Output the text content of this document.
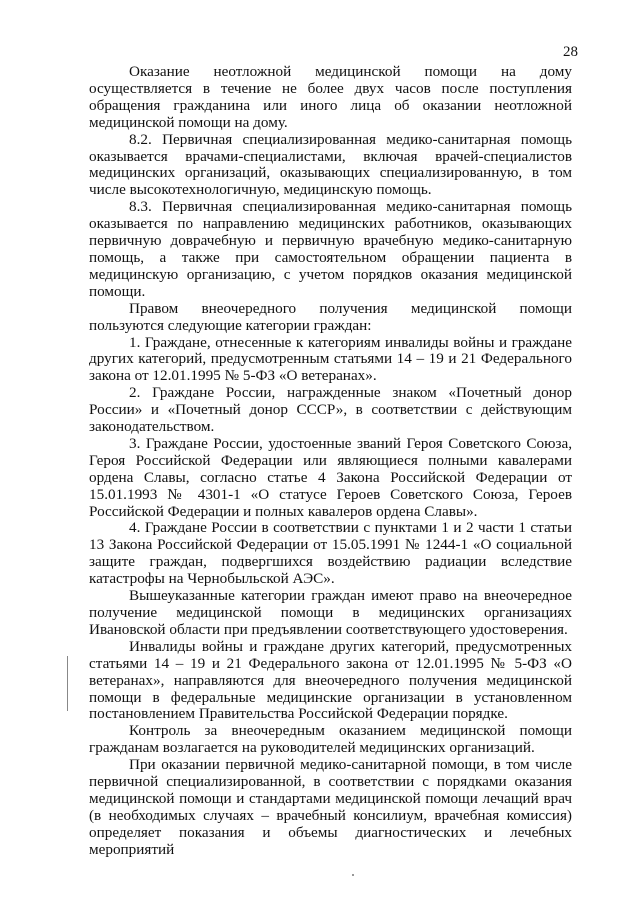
28

Оказание неотложной медицинской помощи на дому осуществляется в течение не более двух часов после поступления обращения гражданина или иного лица об оказании неотложной медицинской помощи на дому.

8.2. Первичная специализированная медико-санитарная помощь оказывается врачами-специалистами, включая врачей-специалистов медицинских организаций, оказывающих специализированную, в том числе высокотехнологичную, медицинскую помощь.

8.3. Первичная специализированная медико-санитарная помощь оказывается по направлению медицинских работников, оказывающих первичную доврачебную и первичную врачебную медико-санитарную помощь, а также при самостоятельном обращении пациента в медицинскую организацию, с учетом порядков оказания медицинской помощи.

Правом внеочередного получения медицинской помощи пользуются следующие категории граждан:

1. Граждане, отнесенные к категориям инвалиды войны и граждане других категорий, предусмотренным статьями 14 – 19 и 21 Федерального закона от 12.01.1995 № 5-ФЗ «О ветеранах».

2. Граждане России, награжденные знаком «Почетный донор России» и «Почетный донор СССР», в соответствии с действующим законодательством.

3. Граждане России, удостоенные званий Героя Советского Союза, Героя Российской Федерации или являющиеся полными кавалерами ордена Славы, согласно статье 4 Закона Российской Федерации от 15.01.1993 № 4301-1 «О статусе Героев Советского Союза, Героев Российской Федерации и полных кавалеров ордена Славы».

4. Граждане России в соответствии с пунктами 1 и 2 части 1 статьи 13 Закона Российской Федерации от 15.05.1991 № 1244-1 «О социальной защите граждан, подвергшихся воздействию радиации вследствие катастрофы на Чернобыльской АЭС».

Вышеуказанные категории граждан имеют право на внеочередное получение медицинской помощи в медицинских организациях Ивановской области при предъявлении соответствующего удостоверения.

Инвалиды войны и граждане других категорий, предусмотренных статьями 14 – 19 и 21 Федерального закона от 12.01.1995 № 5-ФЗ «О ветеранах», направляются для внеочередного получения медицинской помощи в федеральные медицинские организации в установленном постановлением Правительства Российской Федерации порядке.

Контроль за внеочередным оказанием медицинской помощи гражданам возлагается на руководителей медицинских организаций.

При оказании первичной медико-санитарной помощи, в том числе первичной специализированной, в соответствии с порядками оказания медицинской помощи и стандартами медицинской помощи лечащий врач (в необходимых случаях – врачебный консилиум, врачебная комиссия) определяет показания и объемы диагностических и лечебных мероприятий
